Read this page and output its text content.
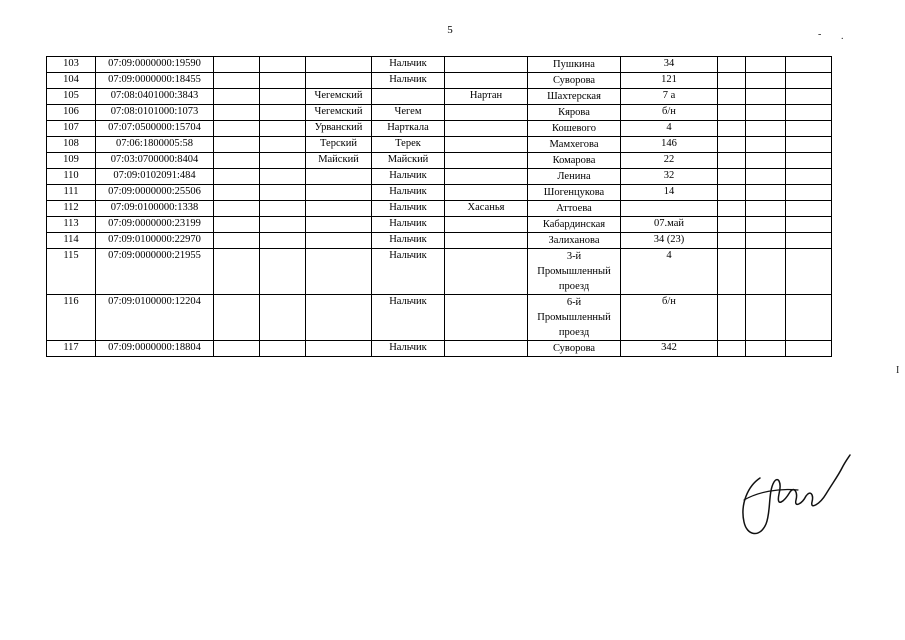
5	- .
I
103	07:09:0000000:19590				Нальчик		Пушкина	34			
104	07:09:0000000:18455				Нальчик		Суворова	121			
105	07:08:0401000:3843			Чегемский		Нартан	Шахтерская	7 а			
106	07:08:0101000:1073			Чегемский	Чегем		Кярова	б/н			
107	07:07:0500000:15704			Урванский	Нарткала		Кошевого	4			
108	07:06:1800005:58			Терский	Терек		Мамхегова	146			
109	07:03:0700000:8404			Майский	Майский		Комарова	22			
110	07:09:0102091:484				Нальчик		Ленина	32			
111	07:09:0000000:25506				Нальчик		Шогенцукова	14			
112	07:09:0100000:1338				Нальчик	Хасанья	Аттоева				
113	07:09:0000000:23199				Нальчик		Кабардинская	07.май			
114	07:09:0100000:22970				Нальчик		Залиханова	34 (23)			
115	07:09:0000000:21955				Нальчик		3-й Промышленный проезд	4			
116	07:09:0100000:12204				Нальчик		6-й Промышленный проезд	б/н			
117	07:09:0000000:18804				Нальчик		Суворова	342			
